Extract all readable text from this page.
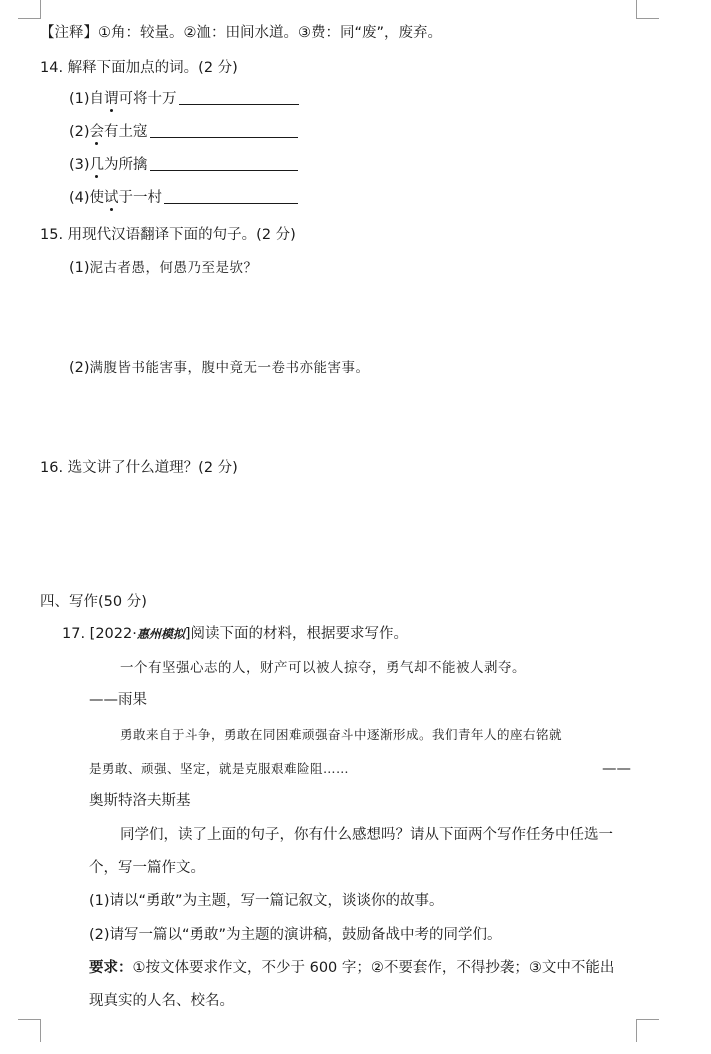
【注释】①角：较量。②洫：田间水道。③费：同“废”，废弃。
14. 解释下面加点的词。(2 分)
(1)自谓可将十万
(2)会有土寇
(3)几为所擒
(4)使试于一村
15. 用现代汉语翻译下面的句子。(2 分)
(1)泥古者愚，何愚乃至是欤？
(2)满腹皆书能害事，腹中竟无一卷书亦能害事。
16. 选文讲了什么道理？(2 分)
四、写作(50 分)
17. [2022·惠州模拟]阅读下面的材料，根据要求写作。
一个有坚强心志的人，财产可以被人掠夺，勇气却不能被人剥夺。
——雨果
勇敢来自于斗争，勇敢在同困难顽强奋斗中逐渐形成。我们青年人的座右铭就
是勇敢、顽强、坚定，就是克服艰难险阻……	——
奥斯特洛夫斯基
同学们，读了上面的句子，你有什么感想吗？请从下面两个写作任务中任选一
个，写一篇作文。
(1)请以“勇敢”为主题，写一篇记叙文，谈谈你的故事。
(2)请写一篇以“勇敢”为主题的演讲稿，鼓励备战中考的同学们。
要求：①按文体要求作文，不少于 600 字；②不要套作，不得抄袭；③文中不能出
现真实的人名、校名。
